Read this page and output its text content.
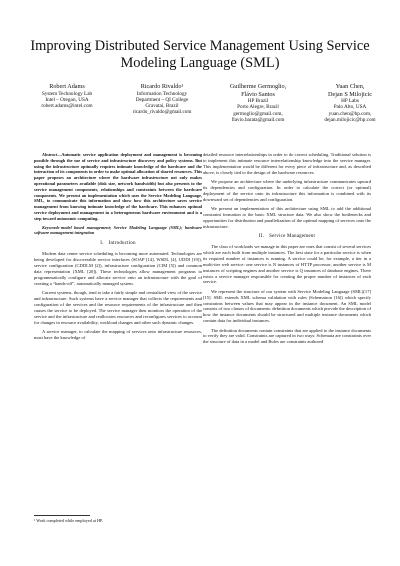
Improving Distributed Service Management Using Service Modeling Language (SML)
Robert Adams
System Technology Lab
Intel – Oregon, USA
robert.adams@intel.com
Ricardo Rivaldo¹
Information Technology
Department – QI College
Gravataí, Brazil
ricardo_rivaldo@gmail.com
Guilherme Germoglio,
Flávio Santos
HP Brazil
Porto Alegre, Brazil
germoglio@gmail.com,
flavio.barata@gmail.com
Yuan Chen,
Dejan S Milojicic
HP Labs
Palo Alto, USA
yuan.chen@hp.com,
dejan.milojicic@hp.com
Abstract—Automatic service application deployment and management is becoming possible through the use of service and infrastructure discovery and policy systems. But using the infrastructure optimally requires intimate knowledge of the hardware and the interaction of its components in order to make optimal allocation of shared resources. This paper proposes an architecture where the hardware infrastructure not only makes operational parameters available (disk size, network bandwidth) but also presents to the service management components, relationships and constraints between the hardware components. We present an implementation which uses the Service Modeling Language, SML, to communicate this information and show how this architecture saves service management from knowing intimate knowledge of the hardware. This enhances optimal service deployment and management in a heterogeneous hardware environment and is a step toward autonomic computing.
Keywords-model based management; Service Modeling Language (SML); hardware software management integration
I. Introduction

Modern data center service scheduling is becoming more automated. Technologies are being developed for discoverable service interfaces (SOAP [14], WSDL [4], UDDI [19]), service configuration (CDDLM [2]), infrastructure configuration (CIM [5]) and common data representation (XML [20]). These technologies allow management programs to programmatically configure and allocate service onto an infrastructure with the goal of creating a “hands-off”, automatically managed system.

Current systems, though, tend to take a fairly simple and centralized view of the service and infrastructure. Such systems have a service manager that collects the requirements and configuration of the services and the resource requirements of the infrastructure and then causes the service to be deployed. The service manager then monitors the operation of the service and the infrastructure and reallocates resources and reconfigures services to account for changes in resource availability, workload changes and other such dynamic changes.

A service manager, to calculate the mapping of services onto infrastructure resources, must have the knowledge of

detailed resource interrelationships in order to do correct scheduling. Traditional solution is to implement this intimate resource interrelationship knowledge into the service manager. This implementation would be different for every piece of infrastructure and, as described above, is closely tied to the design of the hardware resources.

We propose an architecture where the underlying infrastructure communicates upward its dependencies and configuration. In order to calculate the correct (or optimal) deployment of the service onto its infrastructure this information is combined with its downward set of dependencies and configuration.

We present an implementation of this architecture using SML to add the additional constraint formation to the basic XML structure data. We also show the bottlenecks and opportunities for distribution and parallelization of the optimal mapping of services onto the infrastructure.

II. Service Management

The class of workloads we manage in this paper are ones that consist of several services which are each built from multiple instances. The best state for a particular service is when its required number of instances is running. A service could be, for example, a tier in a multi-tier web service: one service is N instances of HTTP processor, another service is M instances of scripting engines and another service is Q instances of database engines. There exists a service manager responsible for creating the proper number of instances of each service.

We represent the structure of our system with Service Modeling Language (SML)[17][15]. SML extends XML schema validation with rules (Schematron [16]) which specify constraints between values that may appear in the instance document. An SML model consists of two classes of documents: definition documents which provide the description of how the instance documents should be structured and multiple instance documents which contain data for individual instances.

The definition documents contain constraints that are applied to the instance documents to verify they are valid. Constraints are captured in two ways: Schemata are constraints over the structure of data in a model and Rules are constraints authored

¹ Work completed while employed at HP.
